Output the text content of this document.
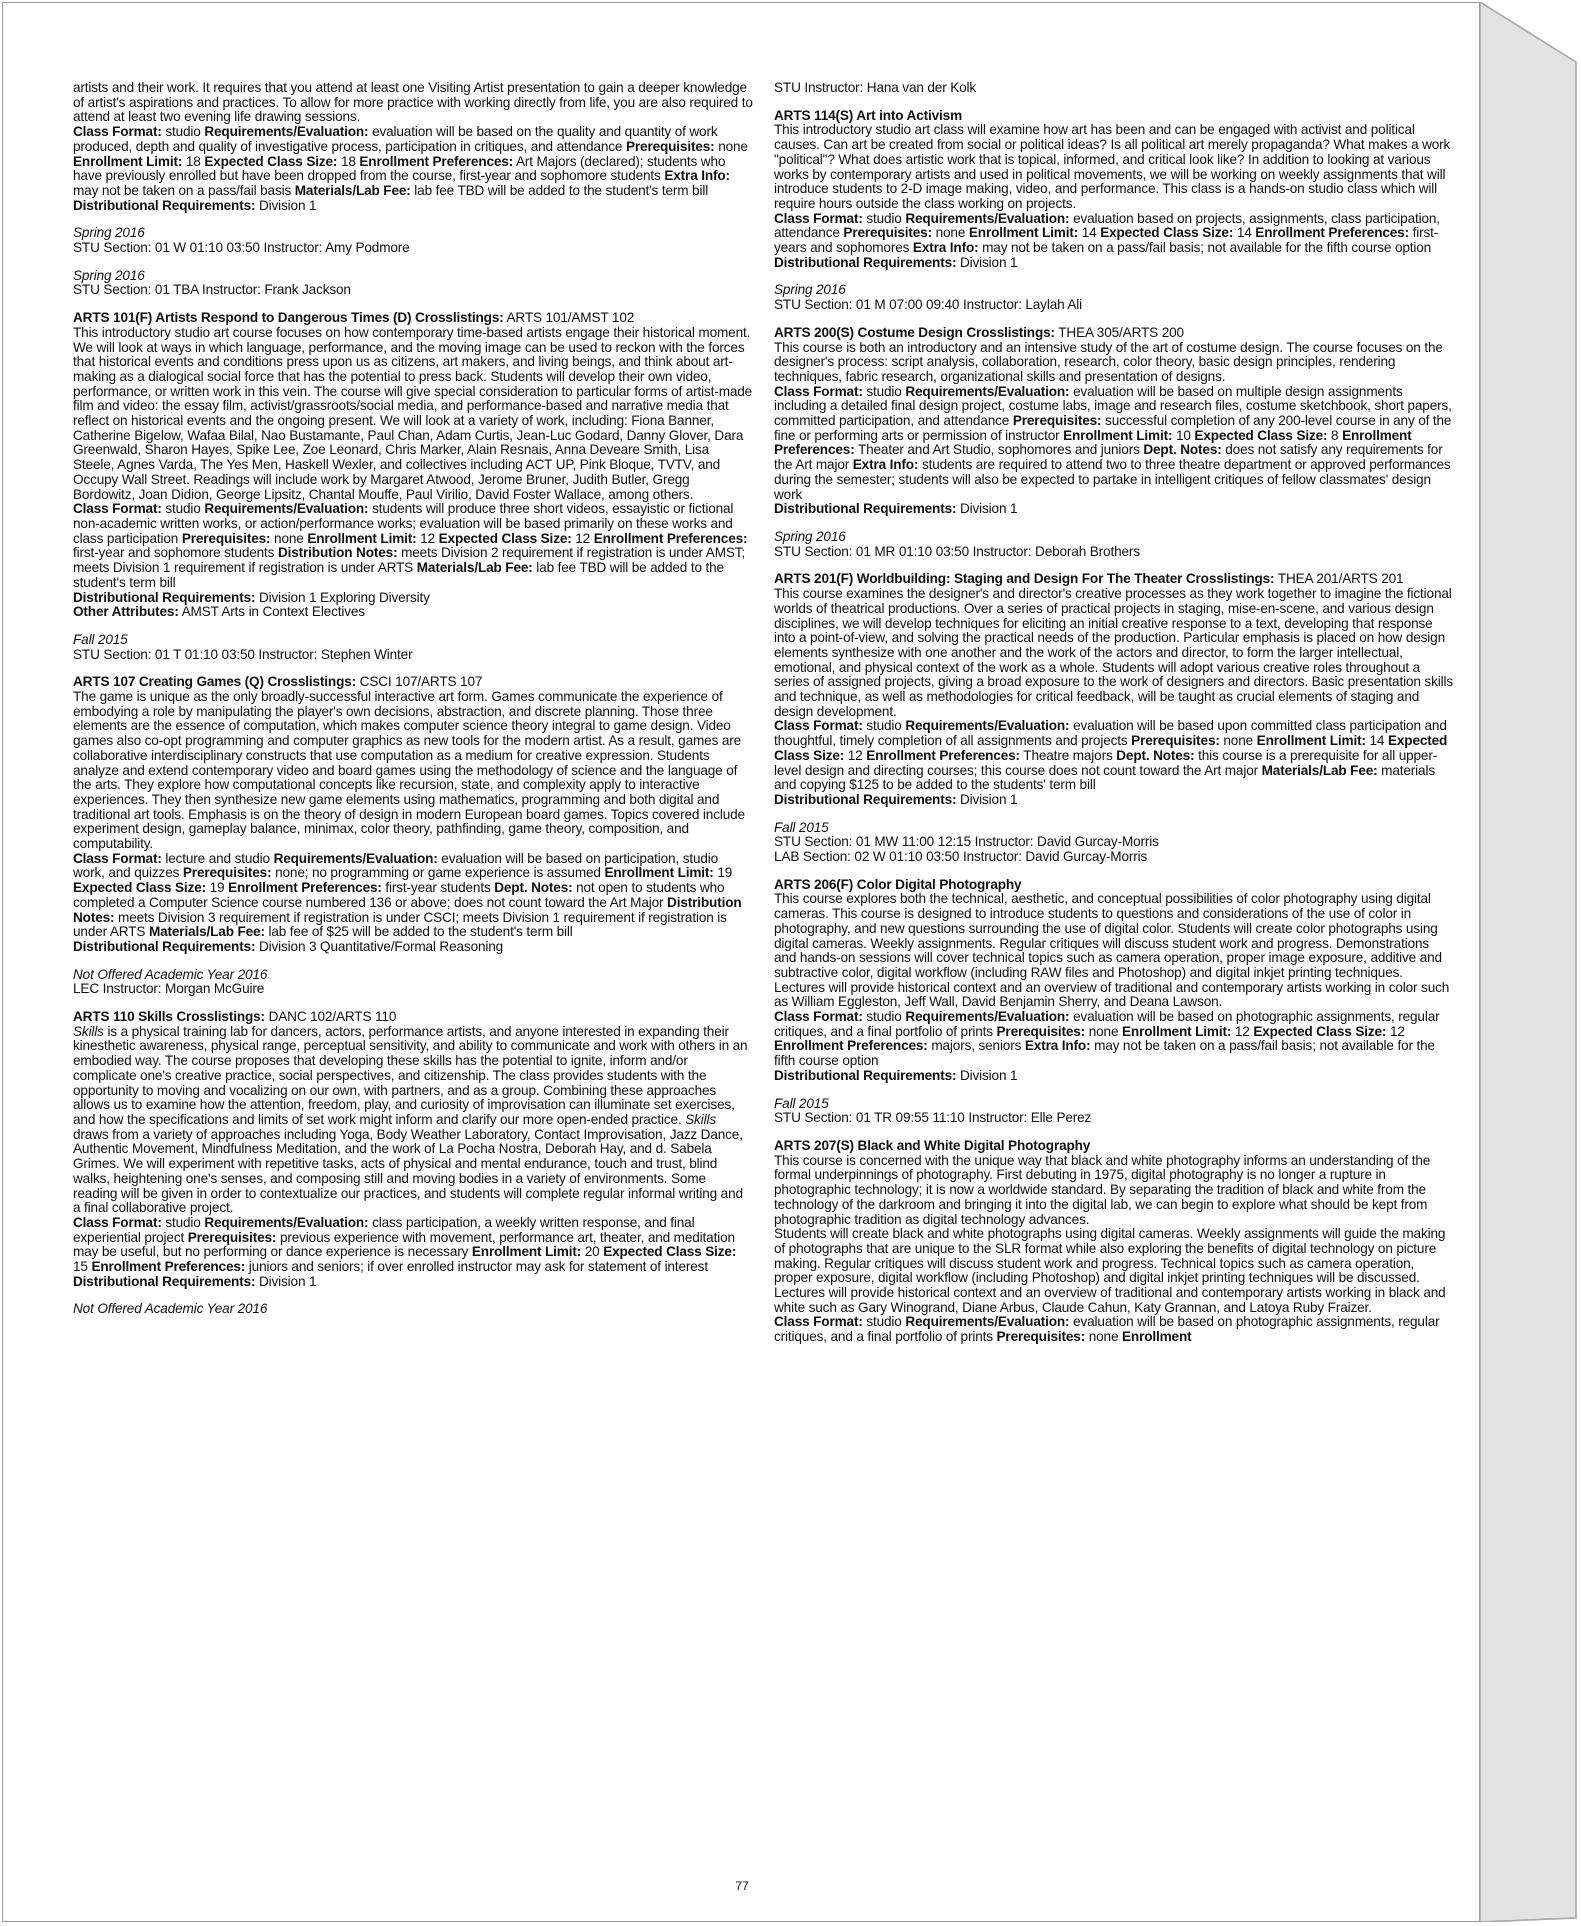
artists and their work. It requires that you attend at least one Visiting Artist presentation to gain a deeper knowledge of artist's aspirations and practices. To allow for more practice with working directly from life, you are also required to attend at least two evening life drawing sessions.

Class Format: studio Requirements/Evaluation: evaluation will be based on the quality and quantity of work produced, depth and quality of investigative process, participation in critiques, and attendance Prerequisites: none Enrollment Limit: 18 Expected Class Size: 18 Enrollment Preferences: Art Majors (declared); students who have previously enrolled but have been dropped from the course, first-year and sophomore students Extra Info: may not be taken on a pass/fail basis Materials/Lab Fee: lab fee TBD will be added to the student's term bill

Distributional Requirements: Division 1

Spring 2016

STU Section: 01 W 01:10 03:50 Instructor: Amy Podmore

Spring 2016

STU Section: 01 TBA Instructor: Frank Jackson

ARTS 101(F) Artists Respond to Dangerous Times (D) Crosslistings: ARTS 101/AMST 102

This introductory studio art course focuses on how contemporary time-based artists engage their historical moment. We will look at ways in which language, performance, and the moving image can be used to reckon with the forces that historical events and conditions press upon us as citizens, art makers, and living beings, and think about art-making as a dialogical social force that has the potential to press back. Students will develop their own video, performance, or written work in this vein. The course will give special consideration to particular forms of artist-made film and video: the essay film, activist/grassroots/social media, and performance-based and narrative media that reflect on historical events and the ongoing present. We will look at a variety of work, including: Fiona Banner, Catherine Bigelow, Wafaa Bilal, Nao Bustamante, Paul Chan, Adam Curtis, Jean-Luc Godard, Danny Glover, Dara Greenwald, Sharon Hayes, Spike Lee, Zoe Leonard, Chris Marker, Alain Resnais, Anna Deveare Smith, Lisa Steele, Agnes Varda, The Yes Men, Haskell Wexler, and collectives including ACT UP, Pink Bloque, TVTV, and Occupy Wall Street. Readings will include work by Margaret Atwood, Jerome Bruner, Judith Butler, Gregg Bordowitz, Joan Didion, George Lipsitz, Chantal Mouffe, Paul Virilio, David Foster Wallace, among others.

Class Format: studio Requirements/Evaluation: students will produce three short videos, essayistic or fictional non-academic written works, or action/performance works; evaluation will be based primarily on these works and class participation Prerequisites: none Enrollment Limit: 12 Expected Class Size: 12 Enrollment Preferences: first-year and sophomore students Distribution Notes: meets Division 2 requirement if registration is under AMST; meets Division 1 requirement if registration is under ARTS Materials/Lab Fee: lab fee TBD will be added to the student's term bill

Distributional Requirements: Division 1 Exploring Diversity

Other Attributes: AMST Arts in Context Electives

Fall 2015

STU Section: 01 T 01:10 03:50 Instructor: Stephen Winter

ARTS 107 Creating Games (Q) Crosslistings: CSCI 107/ARTS 107

The game is unique as the only broadly-successful interactive art form. Games communicate the experience of embodying a role by manipulating the player's own decisions, abstraction, and discrete planning. Those three elements are the essence of computation, which makes computer science theory integral to game design. Video games also co-opt programming and computer graphics as new tools for the modern artist. As a result, games are collaborative interdisciplinary constructs that use computation as a medium for creative expression. Students analyze and extend contemporary video and board games using the methodology of science and the language of the arts. They explore how computational concepts like recursion, state, and complexity apply to interactive experiences. They then synthesize new game elements using mathematics, programming and both digital and traditional art tools. Emphasis is on the theory of design in modern European board games. Topics covered include experiment design, gameplay balance, minimax, color theory, pathfinding, game theory, composition, and computability.

Class Format: lecture and studio Requirements/Evaluation: evaluation will be based on participation, studio work, and quizzes Prerequisites: none; no programming or game experience is assumed Enrollment Limit: 19 Expected Class Size: 19 Enrollment Preferences: first-year students Dept. Notes: not open to students who completed a Computer Science course numbered 136 or above; does not count toward the Art Major Distribution Notes: meets Division 3 requirement if registration is under CSCI; meets Division 1 requirement if registration is under ARTS Materials/Lab Fee: lab fee of $25 will be added to the student's term bill

Distributional Requirements: Division 3 Quantitative/Formal Reasoning

Not Offered Academic Year 2016

LEC Instructor: Morgan McGuire

ARTS 110 Skills Crosslistings: DANC 102/ARTS 110

Skills is a physical training lab for dancers, actors, performance artists, and anyone interested in expanding their kinesthetic awareness, physical range, perceptual sensitivity, and ability to communicate and work with others in an embodied way. The course proposes that developing these skills has the potential to ignite, inform and/or complicate one's creative practice, social perspectives, and citizenship. The class provides students with the opportunity to moving and vocalizing on our own, with partners, and as a group. Combining these approaches allows us to examine how the attention, freedom, play, and curiosity of improvisation can illuminate set exercises, and how the specifications and limits of set work might inform and clarify our more open-ended practice. Skills draws from a variety of approaches including Yoga, Body Weather Laboratory, Contact Improvisation, Jazz Dance, Authentic Movement, Mindfulness Meditation, and the work of La Pocha Nostra, Deborah Hay, and d. Sabela Grimes. We will experiment with repetitive tasks, acts of physical and mental endurance, touch and trust, blind walks, heightening one's senses, and composing still and moving bodies in a variety of environments. Some reading will be given in order to contextualize our practices, and students will complete regular informal writing and a final collaborative project.

Class Format: studio Requirements/Evaluation: class participation, a weekly written response, and final experiential project Prerequisites: previous experience with movement, performance art, theater, and meditation may be useful, but no performing or dance experience is necessary Enrollment Limit: 20 Expected Class Size: 15 Enrollment Preferences: juniors and seniors; if over enrolled instructor may ask for statement of interest

Distributional Requirements: Division 1

Not Offered Academic Year 2016

STU Instructor: Hana van der Kolk

ARTS 114(S) Art into Activism

This introductory studio art class will examine how art has been and can be engaged with activist and political causes. Can art be created from social or political ideas? Is all political art merely propaganda? What makes a work "political"? What does artistic work that is topical, informed, and critical look like? In addition to looking at various works by contemporary artists and used in political movements, we will be working on weekly assignments that will introduce students to 2-D image making, video, and performance. This class is a hands-on studio class which will require hours outside the class working on projects.

Class Format: studio Requirements/Evaluation: evaluation based on projects, assignments, class participation, attendance Prerequisites: none Enrollment Limit: 14 Expected Class Size: 14 Enrollment Preferences: first-years and sophomores Extra Info: may not be taken on a pass/fail basis; not available for the fifth course option

Distributional Requirements: Division 1

Spring 2016

STU Section: 01 M 07:00 09:40 Instructor: Laylah Ali

ARTS 200(S) Costume Design Crosslistings: THEA 305/ARTS 200

This course is both an introductory and an intensive study of the art of costume design. The course focuses on the designer's process: script analysis, collaboration, research, color theory, basic design principles, rendering techniques, fabric research, organizational skills and presentation of designs.

Class Format: studio Requirements/Evaluation: evaluation will be based on multiple design assignments including a detailed final design project, costume labs, image and research files, costume sketchbook, short papers, committed participation, and attendance Prerequisites: successful completion of any 200-level course in any of the fine or performing arts or permission of instructor Enrollment Limit: 10 Expected Class Size: 8 Enrollment Preferences: Theater and Art Studio, sophomores and juniors Dept. Notes: does not satisfy any requirements for the Art major Extra Info: students are required to attend two to three theatre department or approved performances during the semester; students will also be expected to partake in intelligent critiques of fellow classmates' design work

Distributional Requirements: Division 1

Spring 2016

STU Section: 01 MR 01:10 03:50 Instructor: Deborah Brothers

ARTS 201(F) Worldbuilding: Staging and Design For The Theater Crosslistings: THEA 201/ARTS 201

This course examines the designer's and director's creative processes as they work together to imagine the fictional worlds of theatrical productions. Over a series of practical projects in staging, mise-en-scene, and various design disciplines, we will develop techniques for eliciting an initial creative response to a text, developing that response into a point-of-view, and solving the practical needs of the production. Particular emphasis is placed on how design elements synthesize with one another and the work of the actors and director, to form the larger intellectual, emotional, and physical context of the work as a whole. Students will adopt various creative roles throughout a series of assigned projects, giving a broad exposure to the work of designers and directors. Basic presentation skills and technique, as well as methodologies for critical feedback, will be taught as crucial elements of staging and design development.

Class Format: studio Requirements/Evaluation: evaluation will be based upon committed class participation and thoughtful, timely completion of all assignments and projects Prerequisites: none Enrollment Limit: 14 Expected Class Size: 12 Enrollment Preferences: Theatre majors Dept. Notes: this course is a prerequisite for all upper-level design and directing courses; this course does not count toward the Art major Materials/Lab Fee: materials and copying $125 to be added to the students' term bill

Distributional Requirements: Division 1

Fall 2015

STU Section: 01 MW 11:00 12:15 Instructor: David Gurcay-Morris

LAB Section: 02 W 01:10 03:50 Instructor: David Gurcay-Morris

ARTS 206(F) Color Digital Photography

This course explores both the technical, aesthetic, and conceptual possibilities of color photography using digital cameras. This course is designed to introduce students to questions and considerations of the use of color in photography, and new questions surrounding the use of digital color. Students will create color photographs using digital cameras. Weekly assignments. Regular critiques will discuss student work and progress. Demonstrations and hands-on sessions will cover technical topics such as camera operation, proper image exposure, additive and subtractive color, digital workflow (including RAW files and Photoshop) and digital inkjet printing techniques. Lectures will provide historical context and an overview of traditional and contemporary artists working in color such as William Eggleston, Jeff Wall, David Benjamin Sherry, and Deana Lawson.

Class Format: studio Requirements/Evaluation: evaluation will be based on photographic assignments, regular critiques, and a final portfolio of prints Prerequisites: none Enrollment Limit: 12 Expected Class Size: 12 Enrollment Preferences: majors, seniors Extra Info: may not be taken on a pass/fail basis; not available for the fifth course option

Distributional Requirements: Division 1

Fall 2015

STU Section: 01 TR 09:55 11:10 Instructor: Elle Perez

ARTS 207(S) Black and White Digital Photography

This course is concerned with the unique way that black and white photography informs an understanding of the formal underpinnings of photography. First debuting in 1975, digital photography is no longer a rupture in photographic technology; it is now a worldwide standard. By separating the tradition of black and white from the technology of the darkroom and bringing it into the digital lab, we can begin to explore what should be kept from photographic tradition as digital technology advances.

Students will create black and white photographs using digital cameras. Weekly assignments will guide the making of photographs that are unique to the SLR format while also exploring the benefits of digital technology on picture making. Regular critiques will discuss student work and progress. Technical topics such as camera operation, proper exposure, digital workflow (including Photoshop) and digital inkjet printing techniques will be discussed. Lectures will provide historical context and an overview of traditional and contemporary artists working in black and white such as Gary Winogrand, Diane Arbus, Claude Cahun, Katy Grannan, and Latoya Ruby Fraizer.

Class Format: studio Requirements/Evaluation: evaluation will be based on photographic assignments, regular critiques, and a final portfolio of prints Prerequisites: none Enrollment

77
